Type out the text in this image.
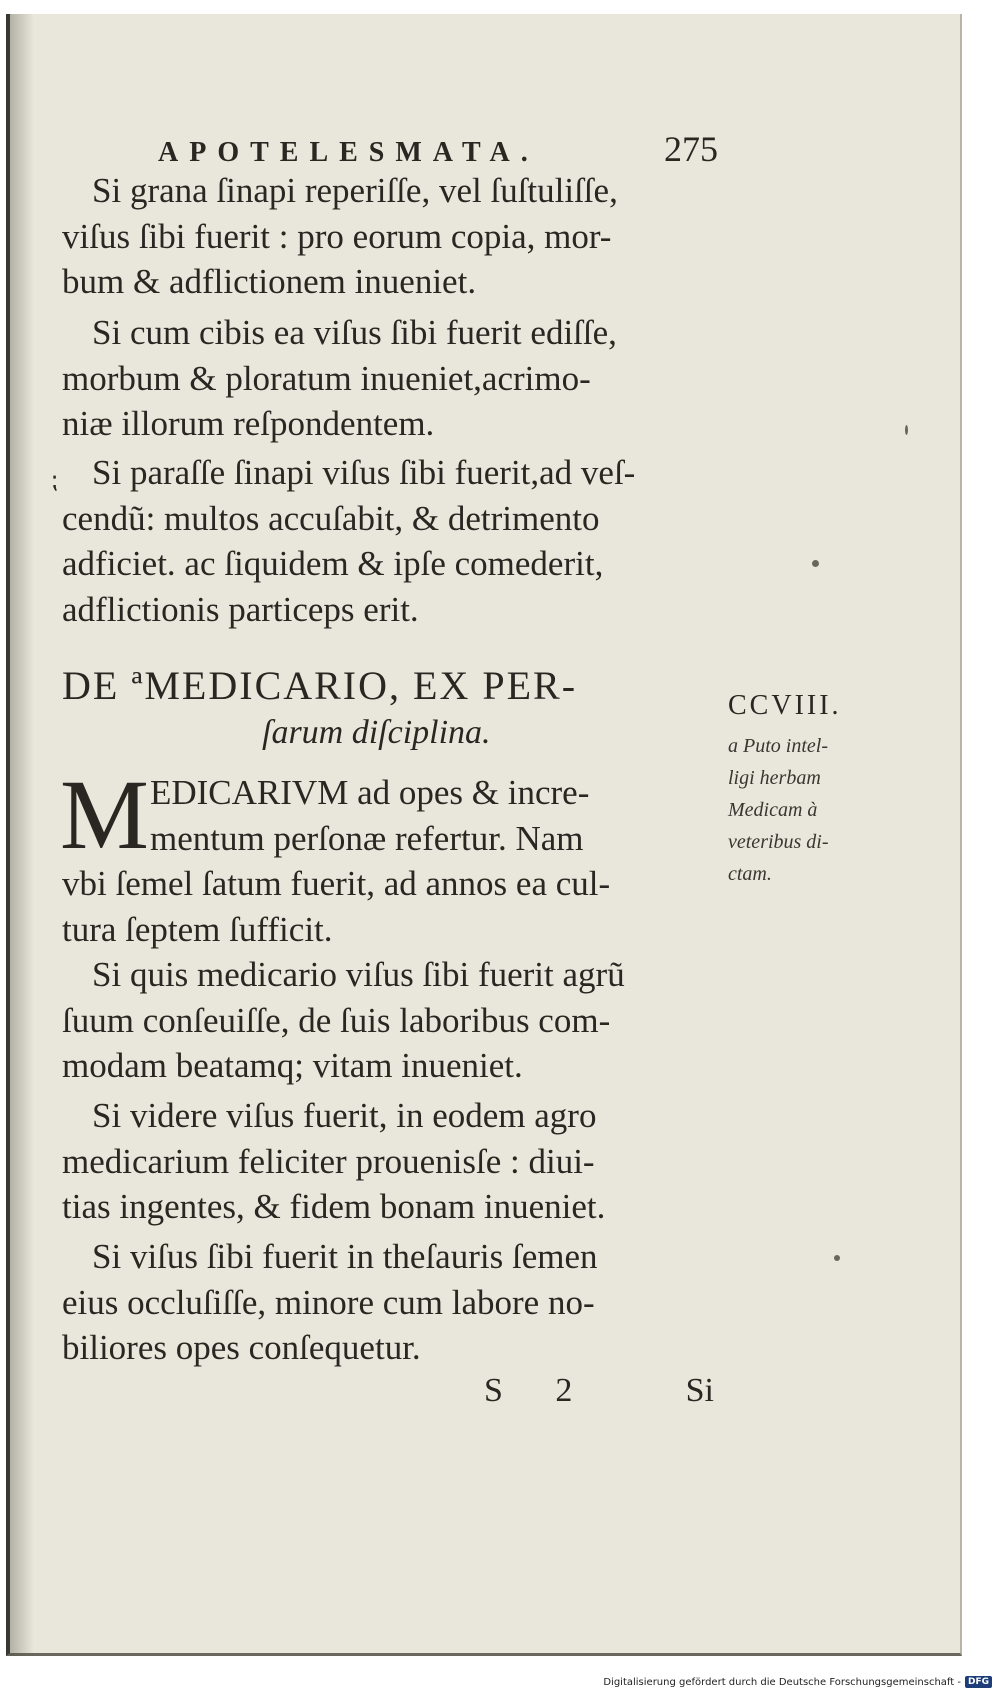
APOTELESMATA.	275
Si grana ſinapi reperiſſe, vel ſuſtuliſſe,
viſus ſibi fuerit : pro eorum copia, mor-
bum & adflictionem inueniet.
Si cum cibis ea viſus ſibi fuerit ediſſe,
morbum & ploratum inueniet,acrimo-
niæ illorum reſpondentem.
⁏ Si paraſſe ſinapi viſus ſibi fuerit,ad veſ-
cendũ: multos accuſabit, & detrimento
adficiet. ac ſiquidem & ipſe comederit,
adflictionis particeps erit.
DE ªMEDICARIO, EX PER-
ſarum diſciplina.
CCVIII.
a Puto intel-
ligi herbam
Medicam à
veteribus di-
ctam.
M EDICARIVM ad opes & incre-
mentum perſonæ refertur. Nam
vbi ſemel ſatum fuerit, ad annos ea cul-
tura ſeptem ſufficit.
Si quis medicario viſus ſibi fuerit agrũ
ſuum conſeuiſſe, de ſuis laboribus com-
modam beatamq; vitam inueniet.
Si videre viſus fuerit, in eodem agro
medicarium feliciter prouenisſe : diui-
tias ingentes, & fidem bonam inueniet.
Si viſus ſibi fuerit in theſauris ſemen
eius occluſiſſe, minore cum labore no-
biliores opes conſequetur.
S 2	Si
Digitalisierung gefördert durch die Deutsche Forschungsgemeinschaft - DFG
